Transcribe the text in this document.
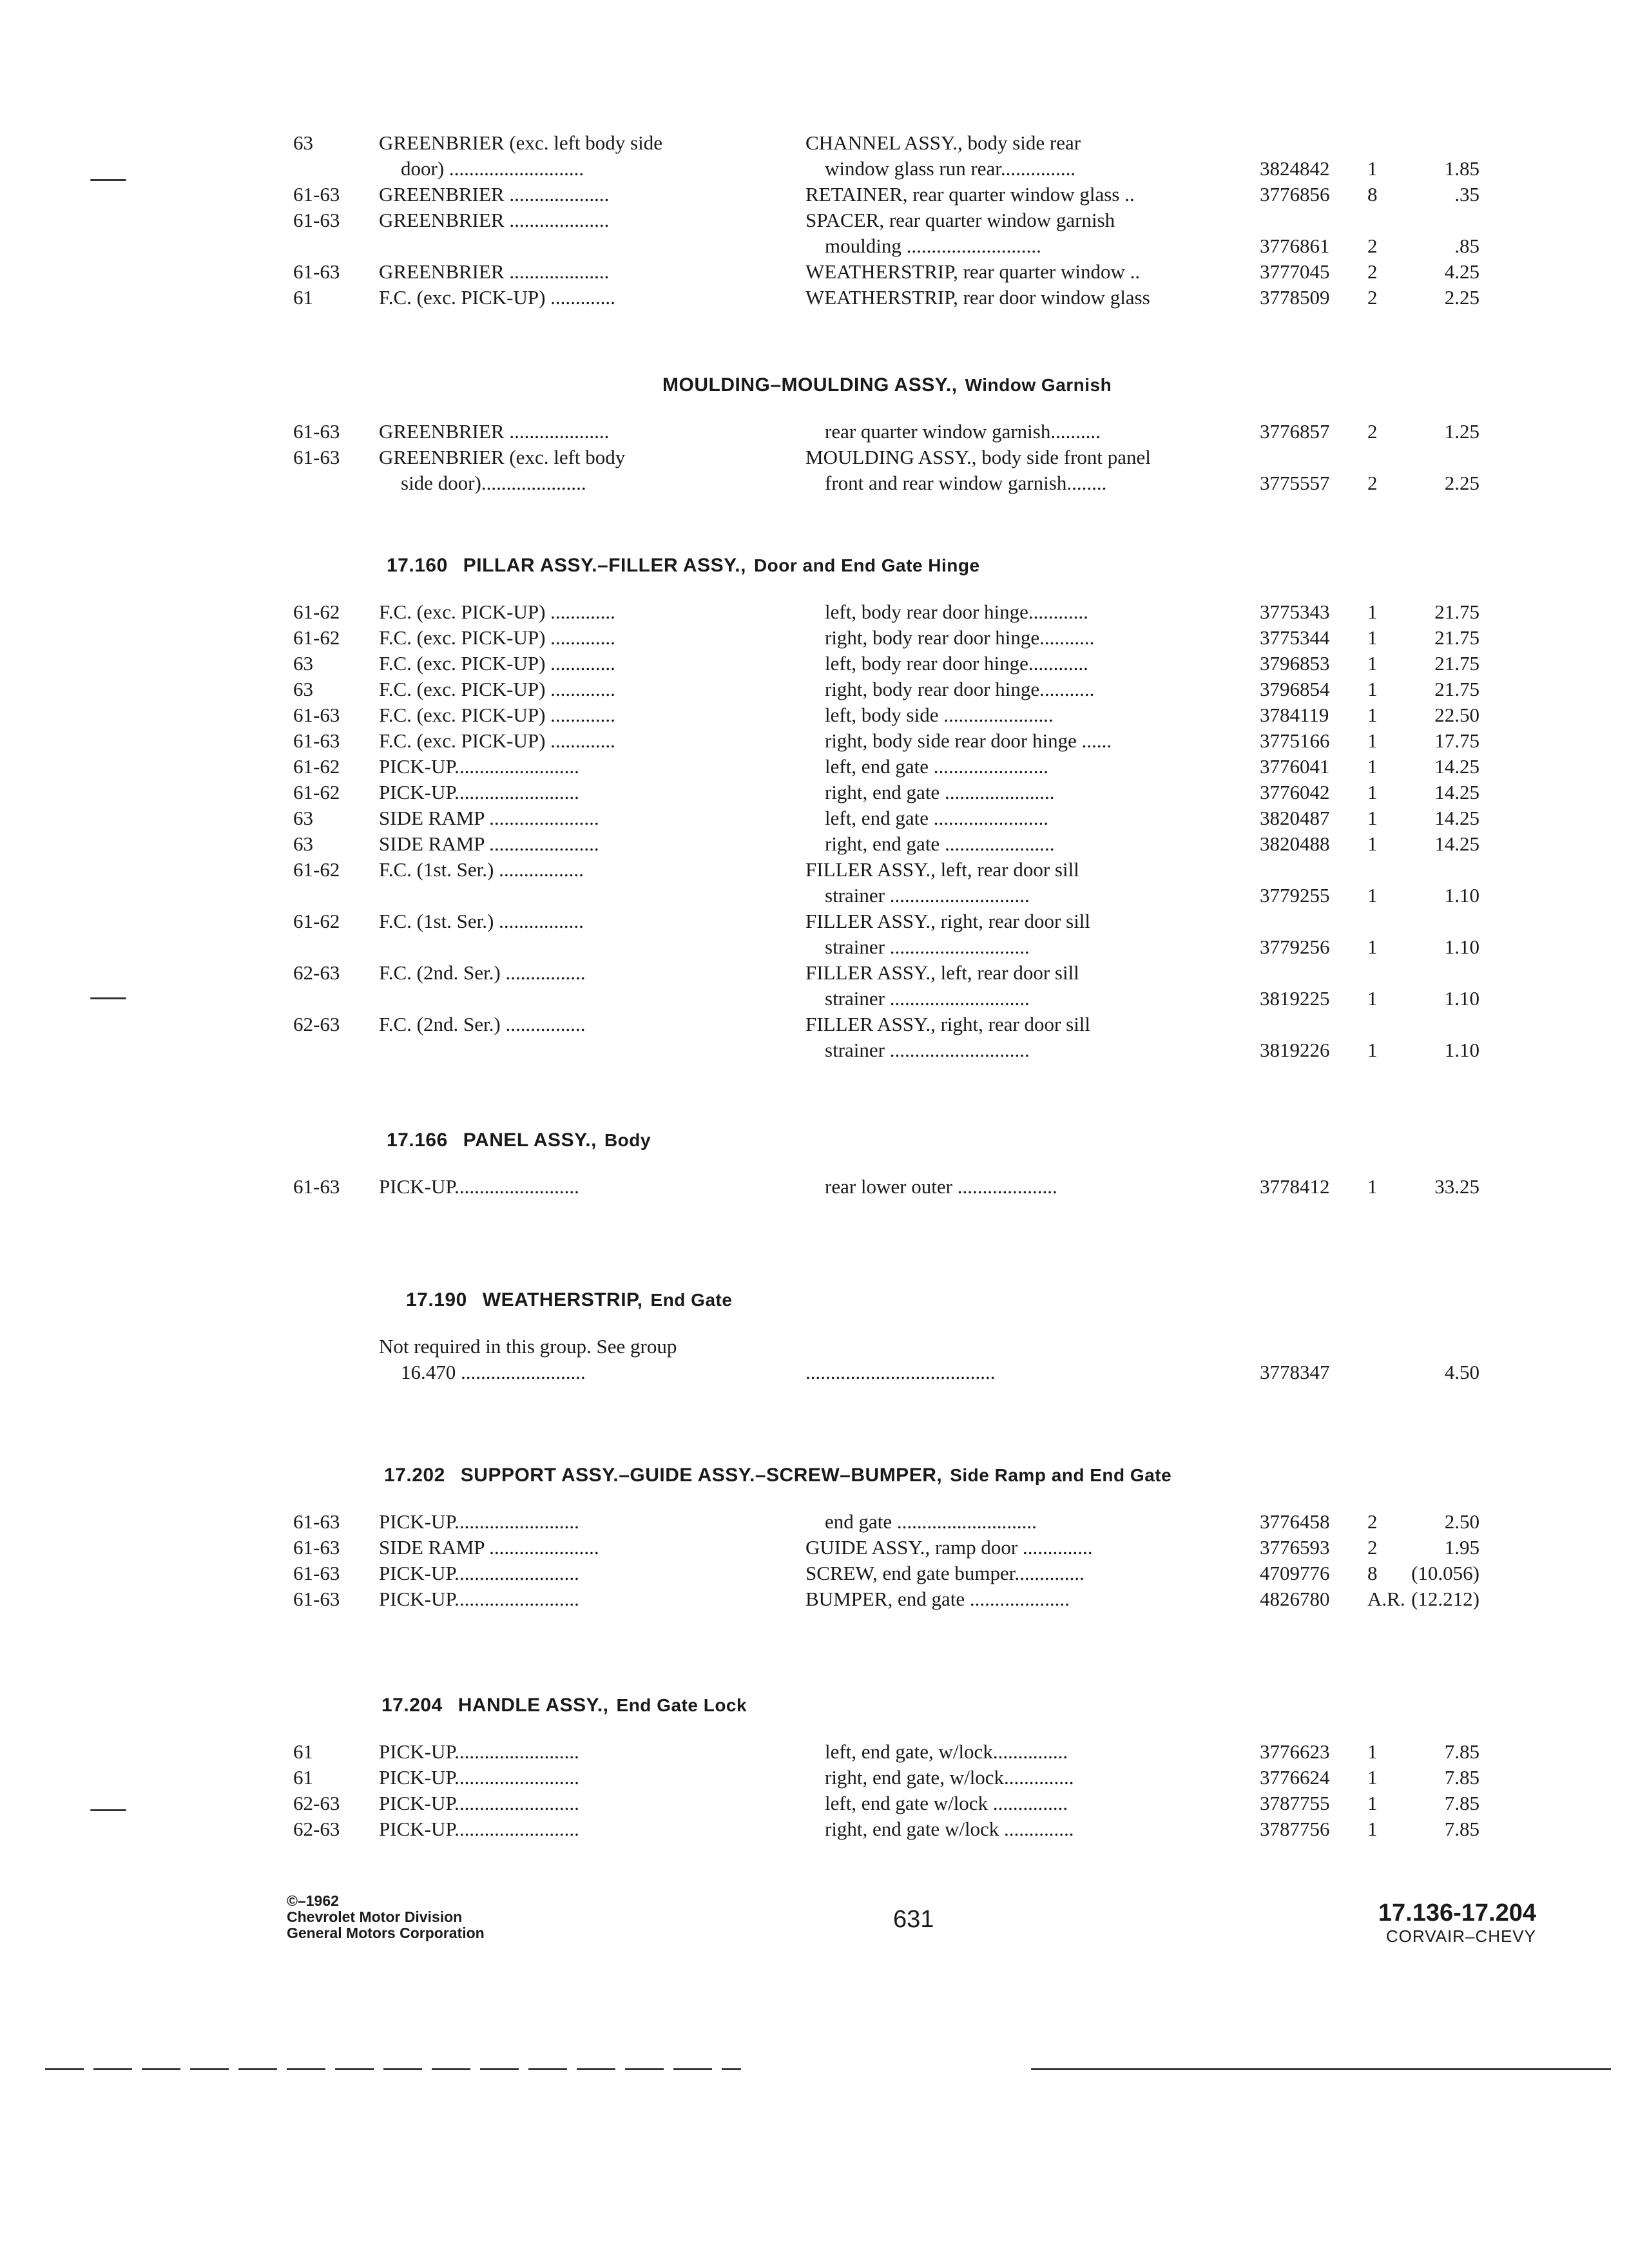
63	GREENBRIER (exc. left body side	CHANNEL ASSY., body side rear
door) ...........................	window glass run rear...............	3824842 1	1.85
61-63 GREENBRIER ....................	RETAINER, rear quarter window glass ..	3776856 8	.35
61-63 GREENBRIER ....................	SPACER, rear quarter window garnish
moulding ...........................	3776861 2	.85
61-63 GREENBRIER ....................	WEATHERSTRIP, rear quarter window ..	3777045 2	4.25
61	F.C. (exc. PICK-UP) .............	WEATHERSTRIP, rear door window glass	3778509 2	2.25
MOULDING–MOULDING ASSY., Window Garnish
61-63 GREENBRIER ....................	rear quarter window garnish..........	3776857 2	1.25
61-63 GREENBRIER (exc. left body	MOULDING ASSY., body side front panel
side door).....................	front and rear window garnish........	3775557 2	2.25
17.160 PILLAR ASSY.–FILLER ASSY., Door and End Gate Hinge
61-62 F.C. (exc. PICK-UP) .............	left, body rear door hinge............	3775343 1	21.75
61-62 F.C. (exc. PICK-UP) .............	right, body rear door hinge...........	3775344 1	21.75
63	F.C. (exc. PICK-UP) .............	left, body rear door hinge............	3796853 1	21.75
63	F.C. (exc. PICK-UP) .............	right, body rear door hinge...........	3796854 1	21.75
61-63 F.C. (exc. PICK-UP) .............	left, body side ......................	3784119 1	22.50
61-63 F.C. (exc. PICK-UP) .............	right, body side rear door hinge ......	3775166 1	17.75
61-62 PICK-UP.........................	left, end gate .......................	3776041 1	14.25
61-62 PICK-UP.........................	right, end gate ......................	3776042 1	14.25
63	SIDE RAMP ......................	left, end gate .......................	3820487 1	14.25
63	SIDE RAMP ......................	right, end gate ......................	3820488 1	14.25
61-62 F.C. (1st. Ser.) .................	FILLER ASSY., left, rear door sill
strainer ............................	3779255 1	1.10
61-62 F.C. (1st. Ser.) .................	FILLER ASSY., right, rear door sill
strainer ............................	3779256 1	1.10
62-63 F.C. (2nd. Ser.) ................	FILLER ASSY., left, rear door sill
strainer ............................	3819225 1	1.10
62-63 F.C. (2nd. Ser.) ................	FILLER ASSY., right, rear door sill
strainer ............................	3819226 1	1.10
17.166 PANEL ASSY., Body
61-63 PICK-UP.........................	rear lower outer ....................	3778412 1	33.25
17.190 WEATHERSTRIP, End Gate
Not required in this group. See group
16.470 .........................	......................................	3778347	4.50
17.202 SUPPORT ASSY.–GUIDE ASSY.–SCREW–BUMPER, Side Ramp and End Gate
61-63 PICK-UP.........................	end gate ............................	3776458 2	2.50
61-63 SIDE RAMP ......................	GUIDE ASSY., ramp door ..............	3776593 2	1.95
61-63 PICK-UP.........................	SCREW, end gate bumper..............	4709776 8 (10.056)
61-63 PICK-UP.........................	BUMPER, end gate ....................	4826780 A.R. (12.212)
17.204 HANDLE ASSY., End Gate Lock
61	PICK-UP.........................	left, end gate, w/lock...............	3776623 1	7.85
61	PICK-UP.........................	right, end gate, w/lock..............	3776624 1	7.85
62-63 PICK-UP.........................	left, end gate w/lock ...............	3787755 1	7.85
62-63 PICK-UP.........................	right, end gate w/lock ..............	3787756 1	7.85
©–1962
Chevrolet Motor Division
General Motors Corporation	631	17.136-17.204
CORVAIR–CHEVY
